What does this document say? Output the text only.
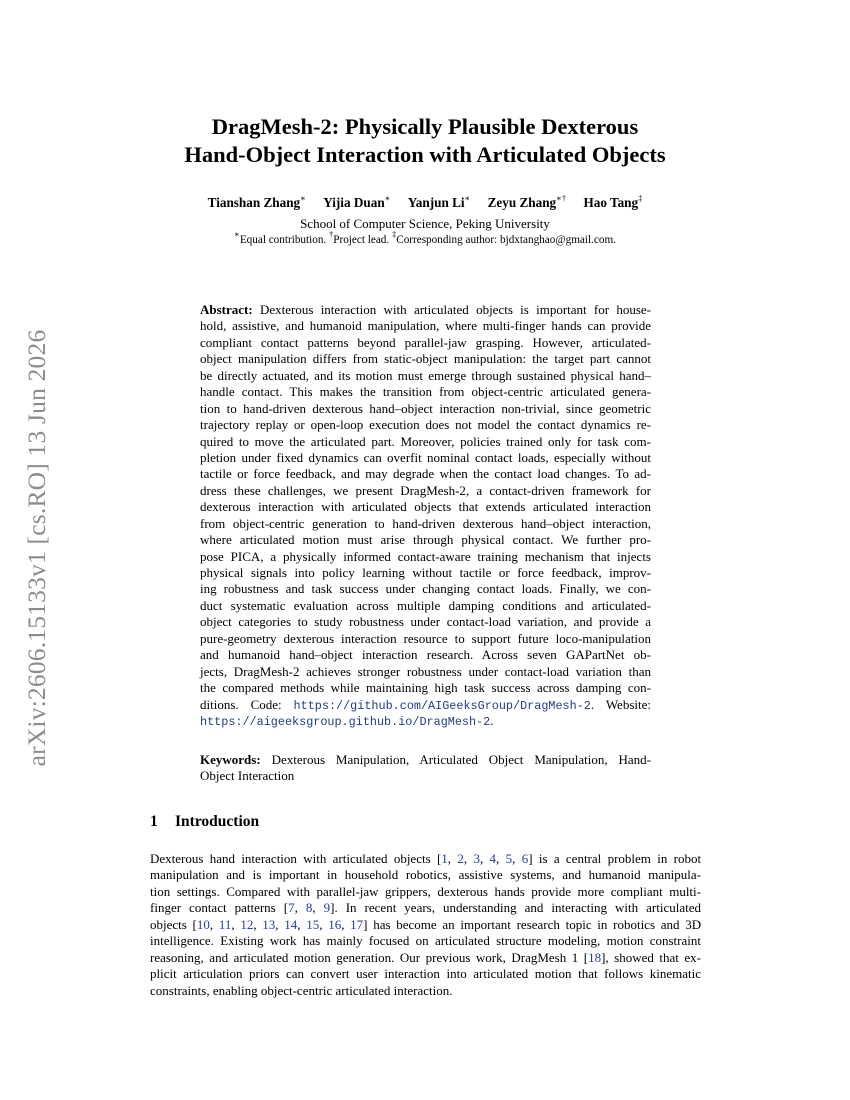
arXiv:2606.15133v1 [cs.RO] 13 Jun 2026
DragMesh-2: Physically Plausible Dexterous
Hand-Object Interaction with Articulated Objects
Tianshan Zhang∗ Yijia Duan∗ Yanjun Li∗ Zeyu Zhang∗† Hao Tang‡
School of Computer Science, Peking University
∗Equal contribution. †Project lead. ‡Corresponding author: bjdxtanghao@gmail.com.
Abstract: Dexterous interaction with articulated objects is important for house-
hold, assistive, and humanoid manipulation, where multi-finger hands can provide
compliant contact patterns beyond parallel-jaw grasping. However, articulated-
object manipulation differs from static-object manipulation: the target part cannot
be directly actuated, and its motion must emerge through sustained physical hand–
handle contact. This makes the transition from object-centric articulated genera-
tion to hand-driven dexterous hand–object interaction non-trivial, since geometric
trajectory replay or open-loop execution does not model the contact dynamics re-
quired to move the articulated part. Moreover, policies trained only for task com-
pletion under fixed dynamics can overfit nominal contact loads, especially without
tactile or force feedback, and may degrade when the contact load changes. To ad-
dress these challenges, we present DragMesh-2, a contact-driven framework for
dexterous interaction with articulated objects that extends articulated interaction
from object-centric generation to hand-driven dexterous hand–object interaction,
where articulated motion must arise through physical contact. We further pro-
pose PICA, a physically informed contact-aware training mechanism that injects
physical signals into policy learning without tactile or force feedback, improv-
ing robustness and task success under changing contact loads. Finally, we con-
duct systematic evaluation across multiple damping conditions and articulated-
object categories to study robustness under contact-load variation, and provide a
pure-geometry dexterous interaction resource to support future loco-manipulation
and humanoid hand–object interaction research. Across seven GAPartNet ob-
jects, DragMesh-2 achieves stronger robustness under contact-load variation than
the compared methods while maintaining high task success across damping con-
ditions. Code: https://github.com/AIGeeksGroup/DragMesh-2. Website:
https://aigeeksgroup.github.io/DragMesh-2.
Keywords: Dexterous Manipulation, Articulated Object Manipulation, Hand-
Object Interaction
1 Introduction
Dexterous hand interaction with articulated objects [1, 2, 3, 4, 5, 6] is a central problem in robot
manipulation and is important in household robotics, assistive systems, and humanoid manipula-
tion settings. Compared with parallel-jaw grippers, dexterous hands provide more compliant multi-
finger contact patterns [7, 8, 9]. In recent years, understanding and interacting with articulated
objects [10, 11, 12, 13, 14, 15, 16, 17] has become an important research topic in robotics and 3D
intelligence. Existing work has mainly focused on articulated structure modeling, motion constraint
reasoning, and articulated motion generation. Our previous work, DragMesh 1 [18], showed that ex-
plicit articulation priors can convert user interaction into articulated motion that follows kinematic
constraints, enabling object-centric articulated interaction.
